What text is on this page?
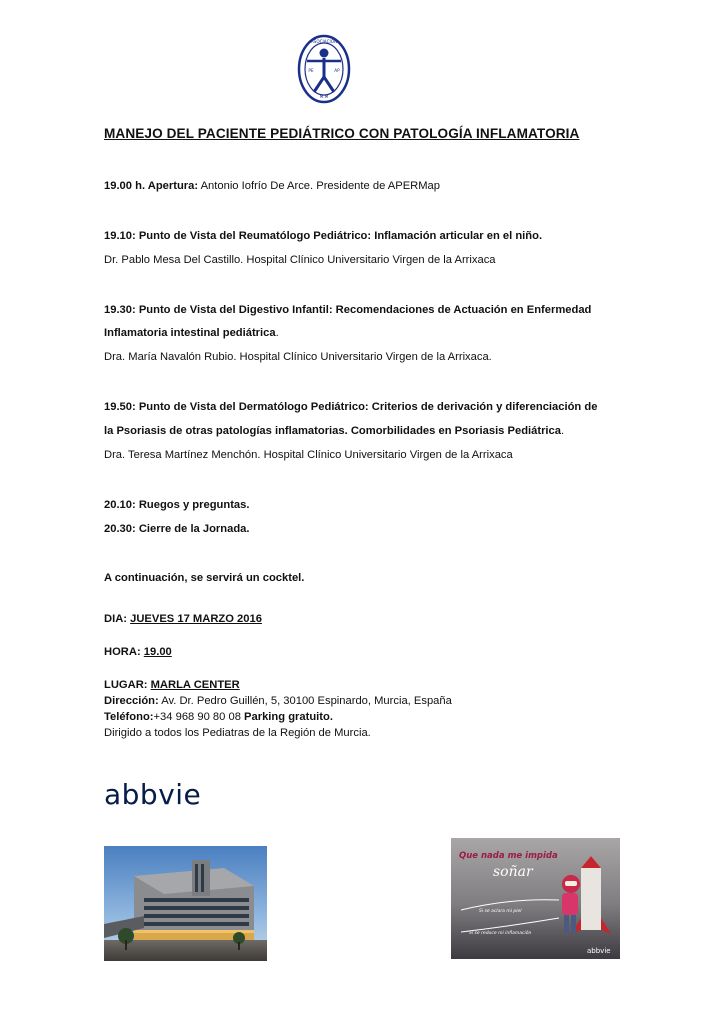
ASOCIACIÓN
PE	AP
M.M
MANEJO DEL PACIENTE PEDIÁTRICO CON PATOLOGÍA INFLAMATORIA
19.00 h. Apertura: Antonio Iofrío De Arce. Presidente de APERMap
19.10: Punto de Vista del Reumatólogo Pediátrico: Inflamación articular en el niño.
Dr. Pablo Mesa Del Castillo. Hospital Clínico Universitario Virgen de la Arrixaca
19.30: Punto de Vista del Digestivo Infantil: Recomendaciones de Actuación en Enfermedad
Inflamatoria intestinal pediátrica.
Dra. María Navalón Rubio. Hospital Clínico Universitario Virgen de la Arrixaca.
19.50: Punto de Vista del Dermatólogo Pediátrico: Criterios de derivación y diferenciación de
la Psoriasis de otras patologías inflamatorias. Comorbilidades en Psoriasis Pediátrica.
Dra. Teresa Martínez Menchón. Hospital Clínico Universitario Virgen de la Arrixaca
20.10: Ruegos y preguntas.
20.30: Cierre de la Jornada.
A continuación, se servirá un cocktel.
DIA: JUEVES 17 MARZO 2016
HORA: 19.00
LUGAR: MARLA CENTER
Dirección: Av. Dr. Pedro Guillén, 5, 30100 Espinardo, Murcia, España
Teléfono:+34 968 90 80 08 Parking gratuito.
Dirigido a todos los Pediatras de la Región de Murcia.
abbvie
Que nada me impida
soñar
Si se aclara mi piel
Si se reduce mi inflamación
abbvie
